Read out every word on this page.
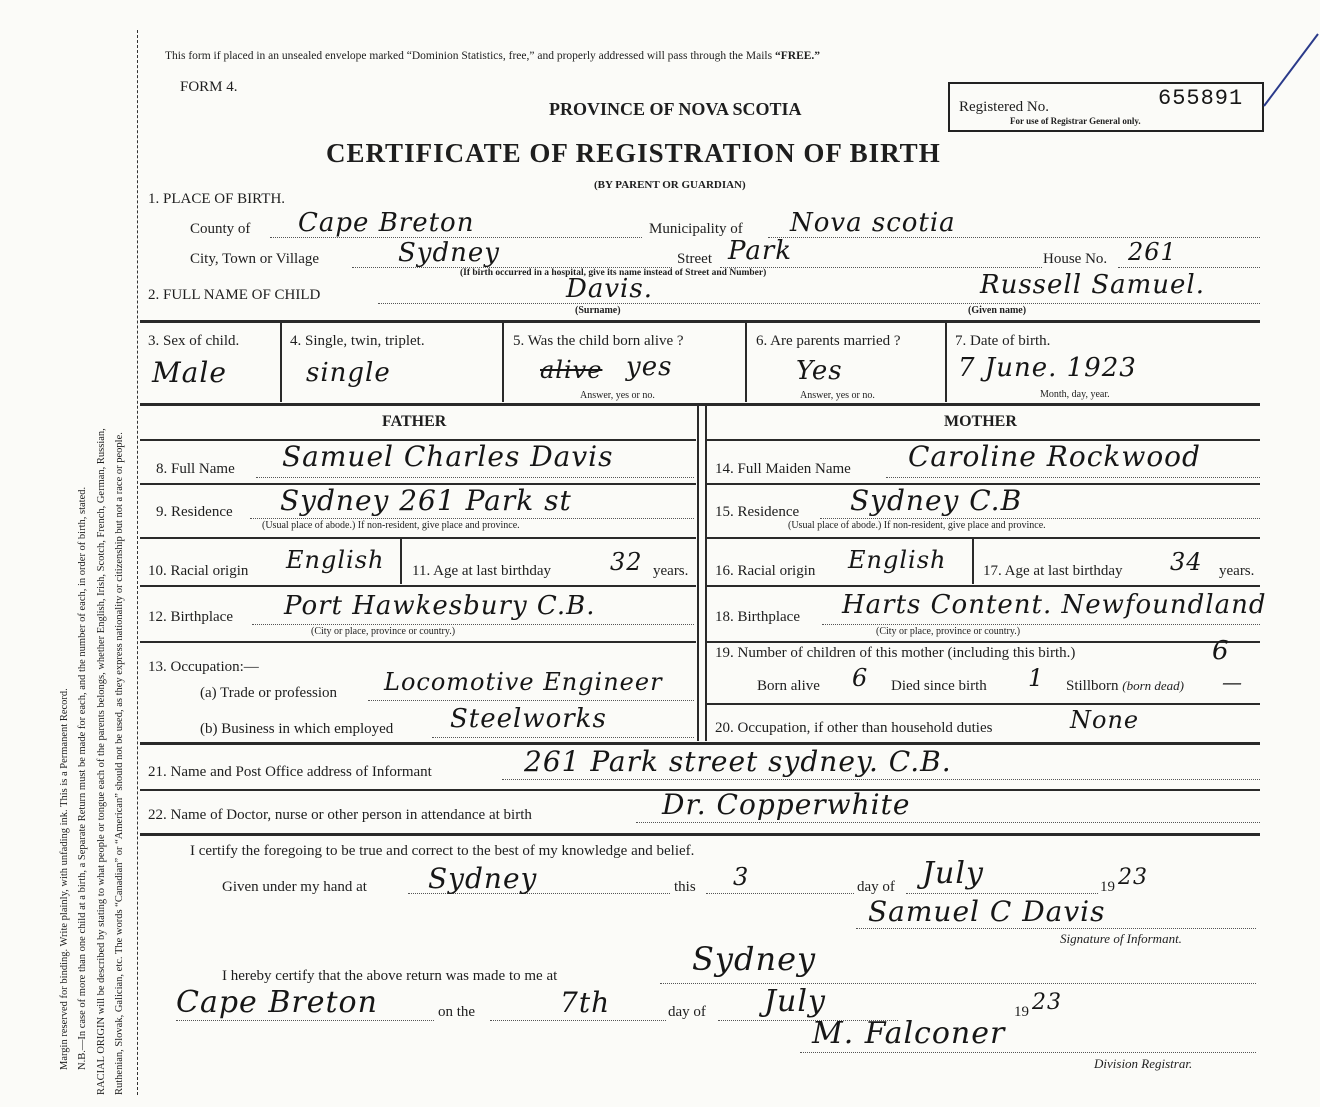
Margin reserved for binding. Write plainly, with unfading ink. This is a Permanent Record. N.B.—In case of more than one child at a birth, a Separate Return must be made for each, and the number of each, in order of birth, stated. RACIAL ORIGIN will be described by stating to what people or tongue each of the parents belongs, whether English, Irish, Scotch, French, German, Russian, Ruthenian, Slovak, Galician, etc. The words “Canadian” or “American” should not be used, as they express nationality or citizenship but not a race or people.
This form if placed in an unsealed envelope marked “Dominion Statistics, free,” and properly addressed will pass through the Mails “FREE.”
FORM 4.
PROVINCE OF NOVA SCOTIA	Registered No.	655891
For use of Registrar General only.
CERTIFICATE OF REGISTRATION OF BIRTH
(BY PARENT OR GUARDIAN)
1. PLACE OF BIRTH.
County of Cape Breton	Municipality of Nova scotia
City, Town or Village	Sydney
(If birth occurred in a hospital, give its name instead of Street and Number)
Street Park	House No. 261
2. FULL NAME OF CHILD	Davis.
(Surname)
Russell Samuel.
(Given name)
3. Sex of child.
Male
4. Single, twin, triplet.
single
5. Was the child born alive ?
alive yes
Answer, yes or no.
6. Are parents married ?
Yes
Answer, yes or no.
7. Date of birth.
7 June. 1923
Month, day, year.
FATHER	MOTHER
8. Full Name Samuel Charles Davis
9. Residence Sydney 261 Park st
(Usual place of abode.) If non-resident, give place and province.
10. Racial origin English 11. Age at last birthday 32 years.
12. Birthplace Port Hawkesbury C.B.
(City or place, province or country.)
13. Occupation:—
(a) Trade or profession Locomotive Engineer
(b) Business in which employed Steelworks
14. Full Maiden Name Caroline Rockwood
15. Residence Sydney C.B
(Usual place of abode.) If non-resident, give place and province.
16. Racial origin English 17. Age at last birthday 34 years.
18. Birthplace Harts Content. Newfoundland
(City or place, province or country.)
19. Number of children of this mother (including this birth.)	6
Born alive 6 Died since birth 1 Stillborn (born dead) —
20. Occupation, if other than household duties	None
21. Name and Post Office address of Informant	261 Park street sydney. C.B.
22. Name of Doctor, nurse or other person in attendance at birth	Dr. Copperwhite
I certify the foregoing to be true and correct to the best of my knowledge and belief.
Given under my hand at Sydney	this 3	day of July	19 23
Samuel C Davis
Signature of Informant.
I hereby certify that the above return was made to me at	Sydney
Cape Breton	on the	7th	day of July	19 23
M. Falconer
Division Registrar.
